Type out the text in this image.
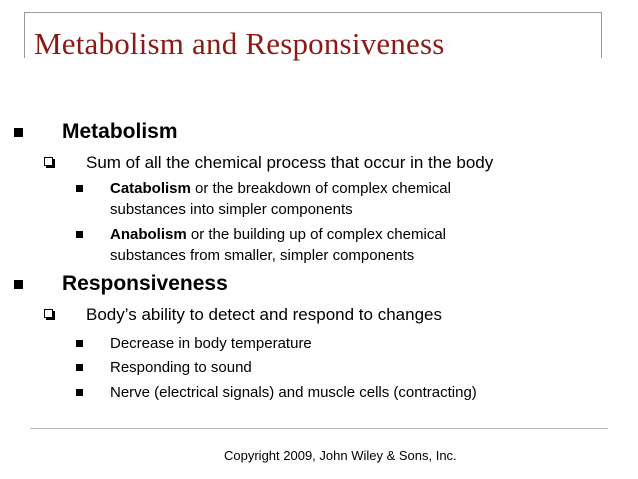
Metabolism and Responsiveness
Metabolism
Sum of all the chemical process that occur in the body
Catabolism or the breakdown of complex chemical
substances into simpler components
Anabolism or the building up of complex chemical
substances from smaller, simpler components
Responsiveness
Body’s ability to detect and respond to changes
Decrease in body temperature
Responding to sound
Nerve (electrical signals) and muscle cells (contracting)
Copyright 2009, John Wiley & Sons, Inc.
